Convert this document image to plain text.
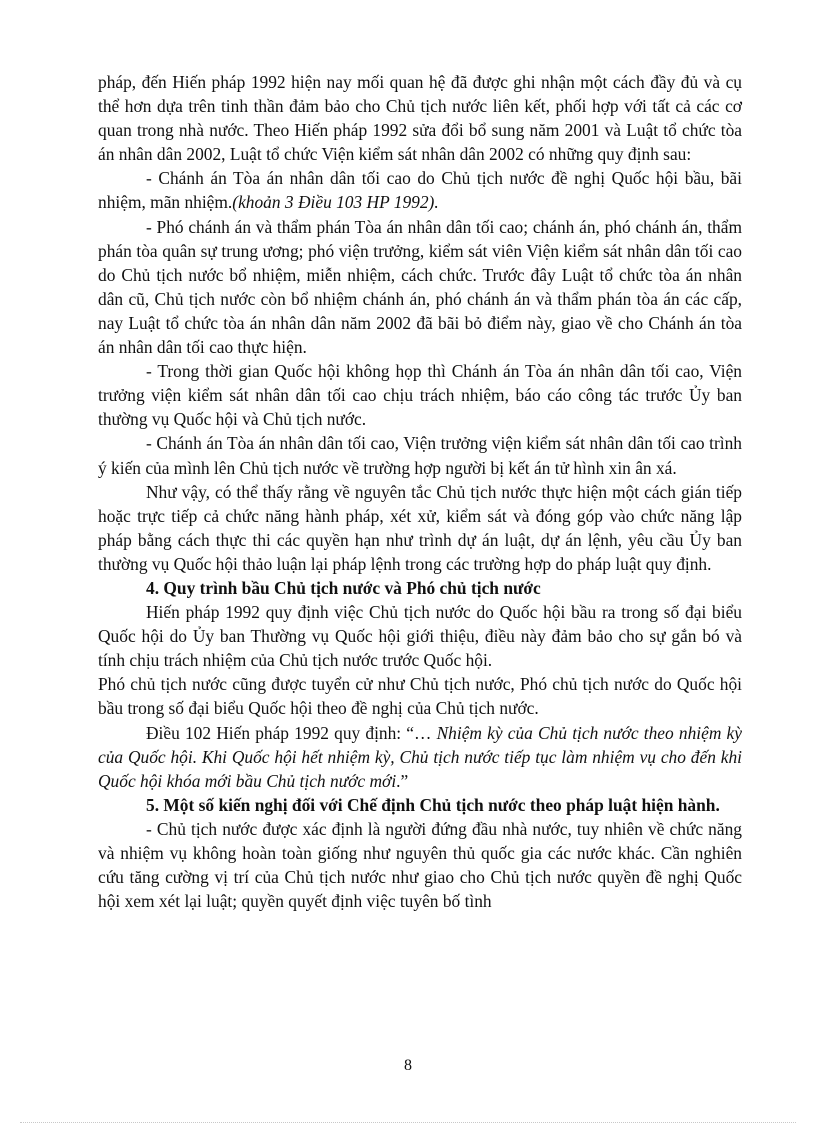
pháp, đến Hiến pháp 1992 hiện nay mối quan hệ đã được ghi nhận một cách đầy đủ và cụ thể hơn dựa trên tinh thần đảm bảo cho Chủ tịch nước liên kết, phối hợp với tất cả các cơ quan trong nhà nước. Theo Hiến pháp 1992 sửa đổi bổ sung năm 2001 và Luật tổ chức tòa án nhân dân 2002, Luật tổ chức Viện kiểm sát nhân dân 2002 có những quy định sau:

- Chánh án Tòa án nhân dân tối cao do Chủ tịch nước đề nghị Quốc hội bầu, bãi nhiệm, mãn nhiệm.(khoản 3 Điều 103 HP 1992).

- Phó chánh án và thẩm phán Tòa án nhân dân tối cao; chánh án, phó chánh án, thẩm phán tòa quân sự trung ương; phó viện trưởng, kiểm sát viên Viện kiểm sát nhân dân tối cao do Chủ tịch nước bổ nhiệm, miễn nhiệm, cách chức. Trước đây Luật tổ chức tòa án nhân dân cũ, Chủ tịch nước còn bổ nhiệm chánh án, phó chánh án và thẩm phán tòa án các cấp, nay Luật tổ chức tòa án nhân dân năm 2002 đã bãi bỏ điểm này, giao về cho Chánh án tòa án nhân dân tối cao thực hiện.

- Trong thời gian Quốc hội không họp thì Chánh án Tòa án nhân dân tối cao, Viện trưởng viện kiểm sát nhân dân tối cao chịu trách nhiệm, báo cáo công tác trước Ủy ban thường vụ Quốc hội và Chủ tịch nước.

- Chánh án Tòa án nhân dân tối cao, Viện trưởng viện kiểm sát nhân dân tối cao trình ý kiến của mình lên Chủ tịch nước về trường hợp người bị kết án tử hình xin ân xá.

Như vậy, có thể thấy rằng về nguyên tắc Chủ tịch nước thực hiện một cách gián tiếp hoặc trực tiếp cả chức năng hành pháp, xét xử, kiểm sát và đóng góp vào chức năng lập pháp bằng cách thực thi các quyền hạn như trình dự án luật, dự án lệnh, yêu cầu Ủy ban thường vụ Quốc hội thảo luận lại pháp lệnh trong các trường hợp do pháp luật quy định.

4. Quy trình bầu Chủ tịch nước và Phó chủ tịch nước

Hiến pháp 1992 quy định việc Chủ tịch nước do Quốc hội bầu ra trong số đại biểu Quốc hội do Ủy ban Thường vụ Quốc hội giới thiệu, điều này đảm bảo cho sự gắn bó và tính chịu trách nhiệm của Chủ tịch nước trước Quốc hội.

Phó chủ tịch nước cũng được tuyển cử như Chủ tịch nước, Phó chủ tịch nước do Quốc hội bầu trong số đại biểu Quốc hội theo đề nghị của Chủ tịch nước.

Điều 102 Hiến pháp 1992 quy định: “… Nhiệm kỳ của Chủ tịch nước theo nhiệm kỳ của Quốc hội. Khi Quốc hội hết nhiệm kỳ, Chủ tịch nước tiếp tục làm nhiệm vụ cho đến khi Quốc hội khóa mới bầu Chủ tịch nước mới.”

5. Một số kiến nghị đối với Chế định Chủ tịch nước theo pháp luật hiện hành.

- Chủ tịch nước được xác định là người đứng đầu nhà nước, tuy nhiên về chức năng và nhiệm vụ không hoàn toàn giống như nguyên thủ quốc gia các nước khác. Cần nghiên cứu tăng cường vị trí của Chủ tịch nước như giao cho Chủ tịch nước quyền đề nghị Quốc hội xem xét lại luật; quyền quyết định việc tuyên bố tình

8
